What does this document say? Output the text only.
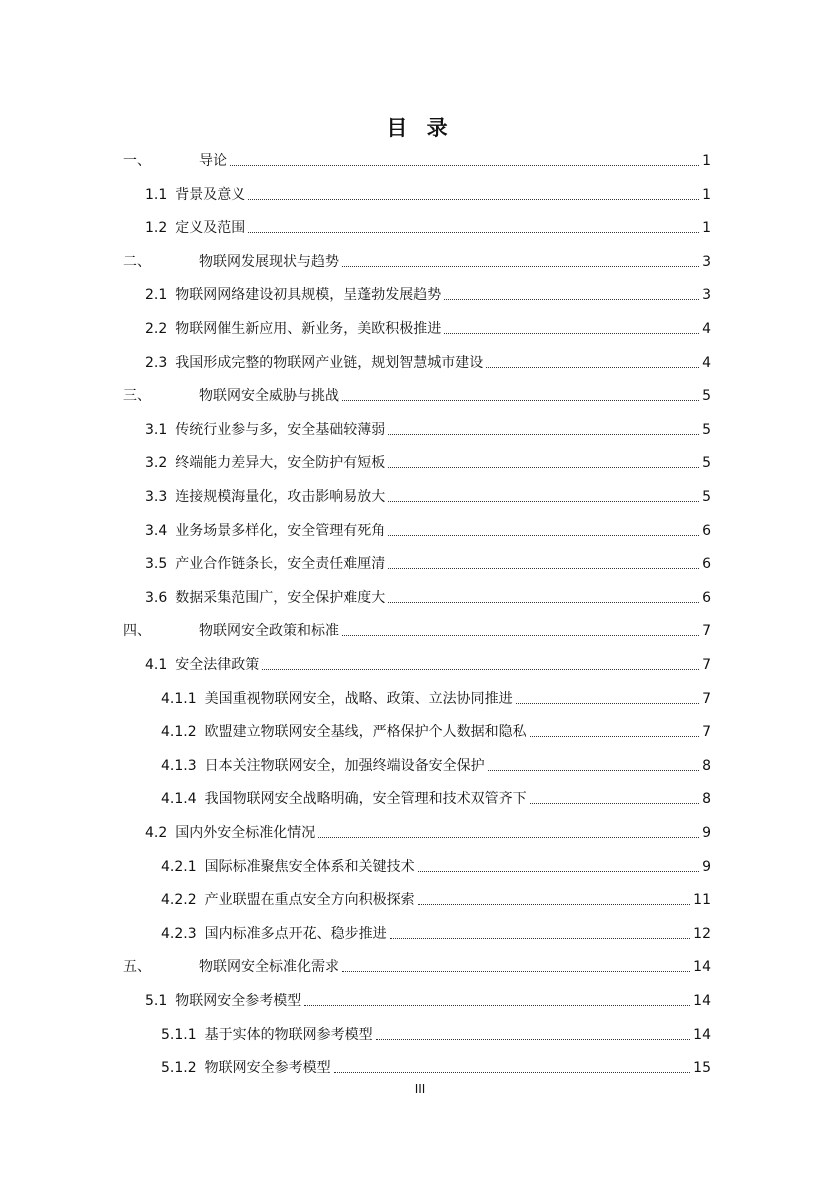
目 录
一、	导论	1
1.1 背景及意义	1
1.2 定义及范围	1
二、	物联网发展现状与趋势	3
2.1 物联网网络建设初具规模，呈蓬勃发展趋势	3
2.2 物联网催生新应用、新业务，美欧积极推进	4
2.3 我国形成完整的物联网产业链，规划智慧城市建设	4
三、	物联网安全威胁与挑战	5
3.1 传统行业参与多，安全基础较薄弱	5
3.2 终端能力差异大，安全防护有短板	5
3.3 连接规模海量化，攻击影响易放大	5
3.4 业务场景多样化，安全管理有死角	6
3.5 产业合作链条长，安全责任难厘清	6
3.6 数据采集范围广，安全保护难度大	6
四、	物联网安全政策和标准	7
4.1 安全法律政策	7
4.1.1 美国重视物联网安全，战略、政策、立法协同推进	7
4.1.2 欧盟建立物联网安全基线，严格保护个人数据和隐私	7
4.1.3 日本关注物联网安全，加强终端设备安全保护	8
4.1.4 我国物联网安全战略明确，安全管理和技术双管齐下	8
4.2 国内外安全标准化情况	9
4.2.1 国际标准聚焦安全体系和关键技术	9
4.2.2 产业联盟在重点安全方向积极探索	11
4.2.3 国内标准多点开花、稳步推进	12
五、	物联网安全标准化需求	14
5.1 物联网安全参考模型	14
5.1.1 基于实体的物联网参考模型	14
5.1.2 物联网安全参考模型	15
III
